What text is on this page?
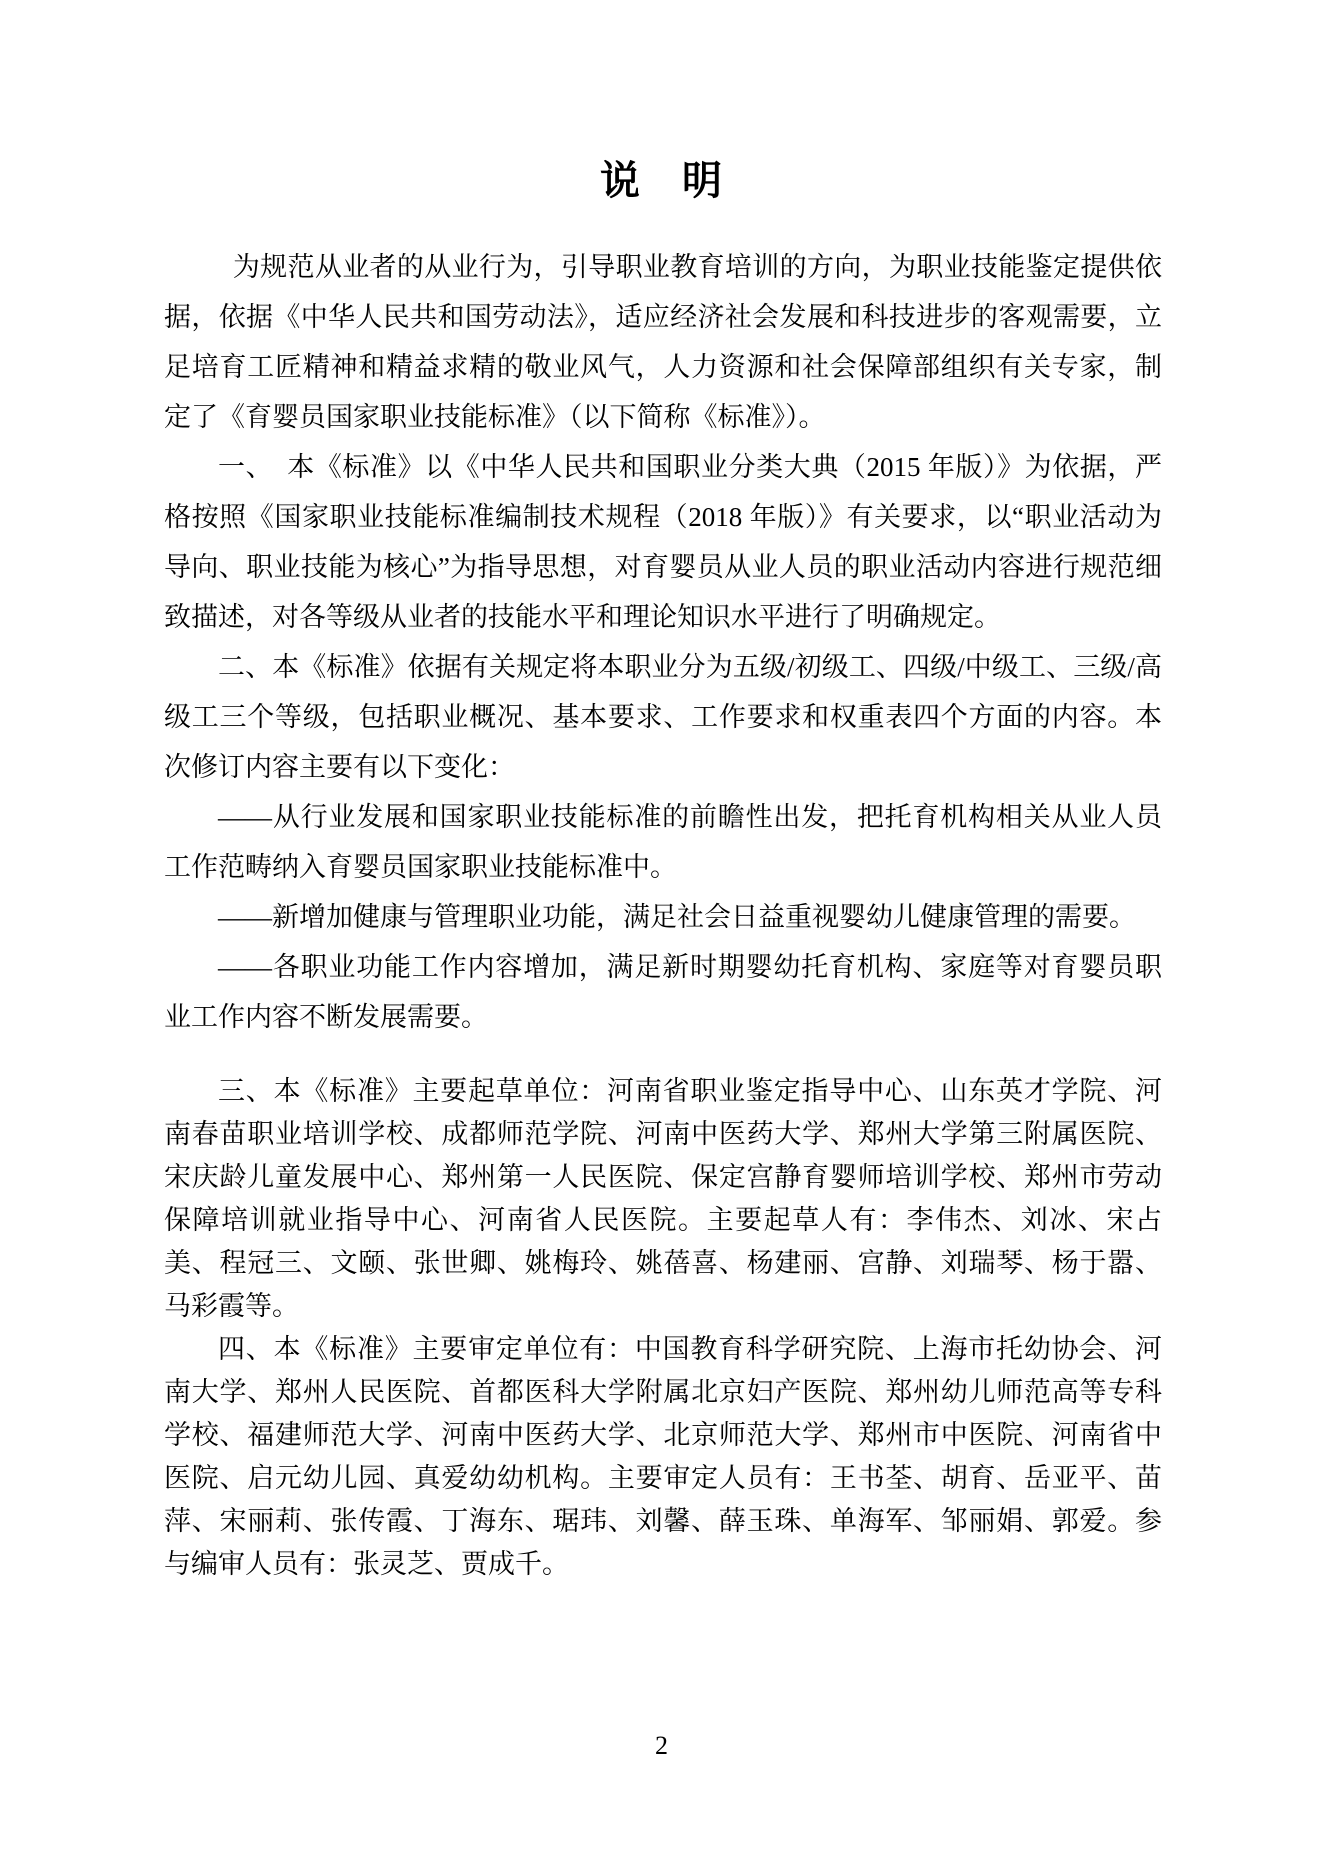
说　明

为规范从业者的从业行为，引导职业教育培训的方向，为职业技能鉴定提供依据，依据《中华人民共和国劳动法》，适应经济社会发展和科技进步的客观需要，立足培育工匠精神和精益求精的敬业风气，人力资源和社会保障部组织有关专家，制定了《育婴员国家职业技能标准》（以下简称《标准》）。

一、　本《标准》以《中华人民共和国职业分类大典（2015 年版）》为依据，严格按照《国家职业技能标准编制技术规程（2018 年版）》有关要求，以“职业活动为导向、职业技能为核心”为指导思想，对育婴员从业人员的职业活动内容进行规范细致描述，对各等级从业者的技能水平和理论知识水平进行了明确规定。

二、本《标准》依据有关规定将本职业分为五级/初级工、四级/中级工、三级/高级工三个等级，包括职业概况、基本要求、工作要求和权重表四个方面的内容。本次修订内容主要有以下变化：

——从行业发展和国家职业技能标准的前瞻性出发，把托育机构相关从业人员工作范畴纳入育婴员国家职业技能标准中。

——新增加健康与管理职业功能，满足社会日益重视婴幼儿健康管理的需要。

——各职业功能工作内容增加，满足新时期婴幼托育机构、家庭等对育婴员职业工作内容不断发展需要。

三、本《标准》主要起草单位：河南省职业鉴定指导中心、山东英才学院、河南春苗职业培训学校、成都师范学院、河南中医药大学、郑州大学第三附属医院、宋庆龄儿童发展中心、郑州第一人民医院、保定宫静育婴师培训学校、郑州市劳动保障培训就业指导中心、河南省人民医院。主要起草人有：李伟杰、刘冰、宋占美、程冠三、文颐、张世卿、姚梅玲、姚蓓喜、杨建丽、宫静、刘瑞琴、杨于嚣、马彩霞等。

四、本《标准》主要审定单位有：中国教育科学研究院、上海市托幼协会、河南大学、郑州人民医院、首都医科大学附属北京妇产医院、郑州幼儿师范高等专科学校、福建师范大学、河南中医药大学、北京师范大学、郑州市中医院、河南省中医院、启元幼儿园、真爱幼幼机构。主要审定人员有：王书荃、胡育、岳亚平、苗萍、宋丽莉、张传霞、丁海东、琚玮、刘馨、薛玉珠、单海军、邹丽娟、郭爱。参与编审人员有：张灵芝、贾成千。

2
